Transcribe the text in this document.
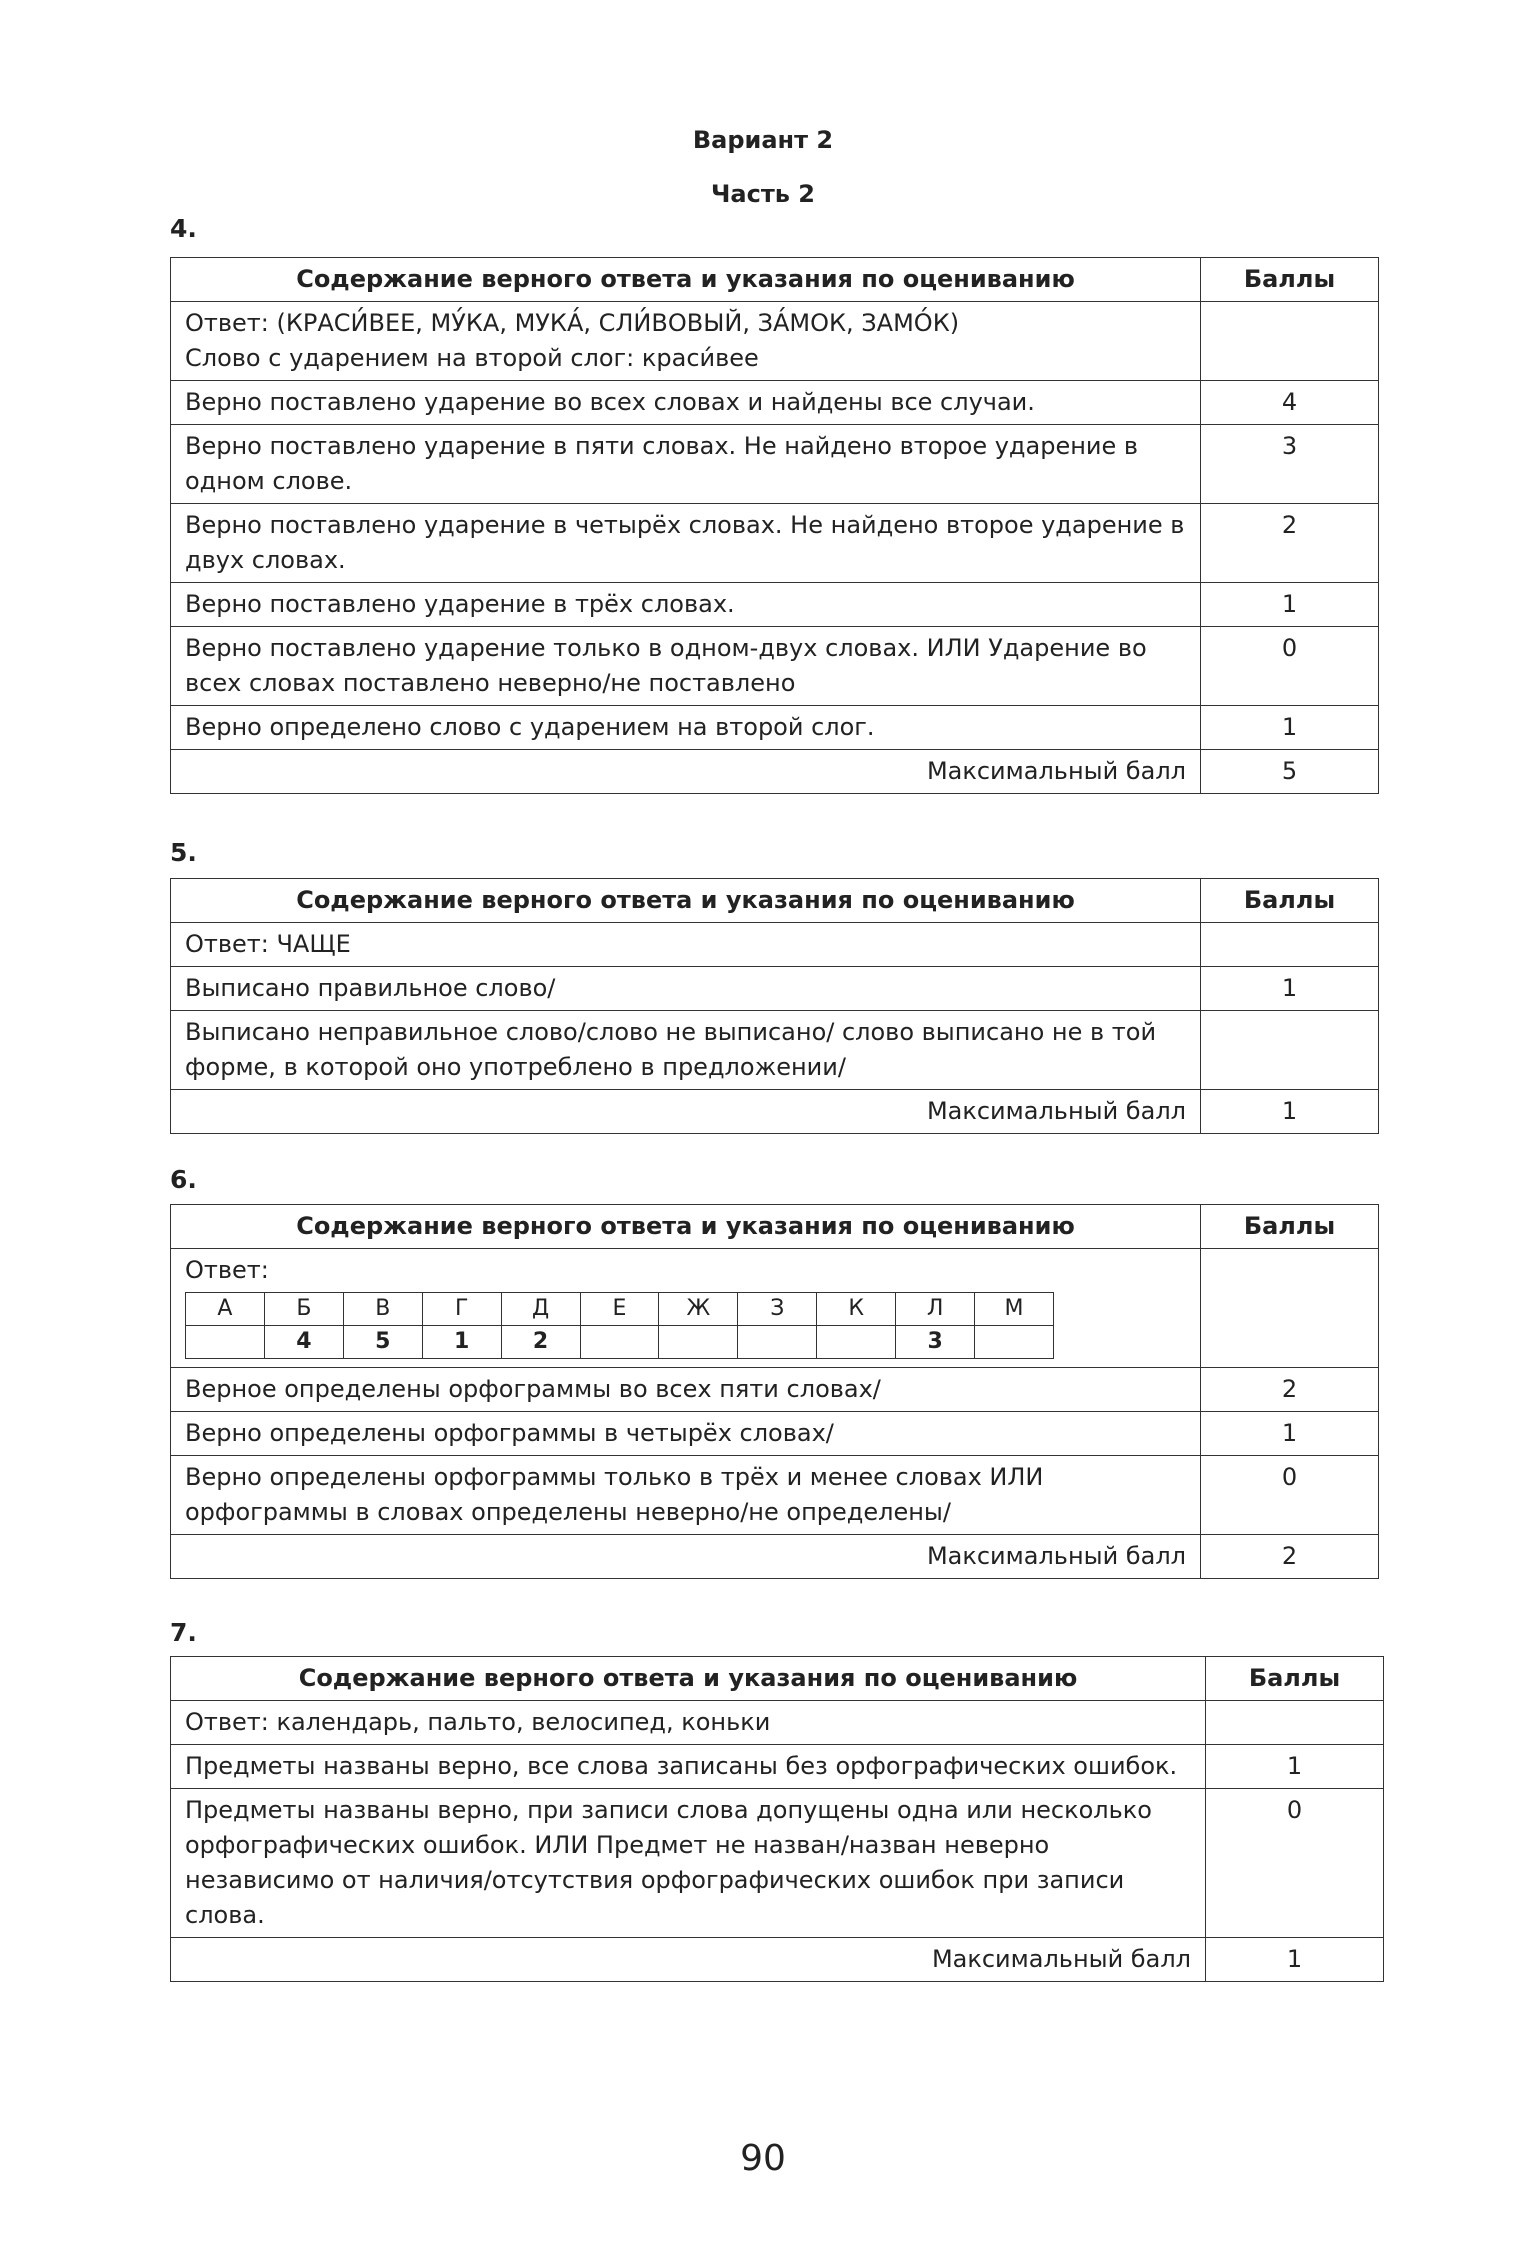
Вариант 2
Часть 2
4.
Содержание верного ответа и указания по оцениванию	Баллы

Ответ: (КРАСИ́ВЕЕ, МУ́КА, МУКА́, СЛИ́ВОВЫЙ, ЗА́МОК, ЗАМО́К)
Слово с ударением на второй слог: краси́вее	

Верно поставлено ударение во всех словах и найдены все случаи.	4
Верно поставлено ударение в пяти словах. Не найдено второе ударение в одном слове.	3
Верно поставлено ударение в четырёх словах. Не найдено второе ударение в двух словах.	2
Верно поставлено ударение в трёх словах.	1
Верно поставлено ударение только в одном-двух словах. ИЛИ Ударение во всех словах поставлено неверно/не поставлено	0
Верно определено слово с ударением на второй слог.	1
Максимальный балл	5
5.
Содержание верного ответа и указания по оцениванию	Баллы
Ответ: ЧАЩЕ	
Выписано правильное слово/	1
Выписано неправильное слово/слово не выписано/ слово выписано не в той форме, в которой оно употреблено в предложении/	
Максимальный балл	1
6.
Содержание верного ответа и указания по оцениванию	Баллы

Ответ:
А	Б	В	Г	Д	Е	Ж	З	К	Л	М
	4	5	1	2					3	

Верное определены орфограммы во всех пяти словах/	2
Верно определены орфограммы в четырёх словах/	1
Верно определены орфограммы только в трёх и менее словах ИЛИ орфограммы в словах определены неверно/не определены/	0
Максимальный балл	2
7.
Содержание верного ответа и указания по оцениванию	Баллы
Ответ: календарь, пальто, велосипед, коньки	
Предметы названы верно, все слова записаны без орфографических ошибок.	1
Предметы названы верно, при записи слова допущены одна или несколько орфографических ошибок. ИЛИ Предмет не назван/назван неверно независимо от наличия/отсутствия орфографических ошибок при записи слова.	0
Максимальный балл	1
90
